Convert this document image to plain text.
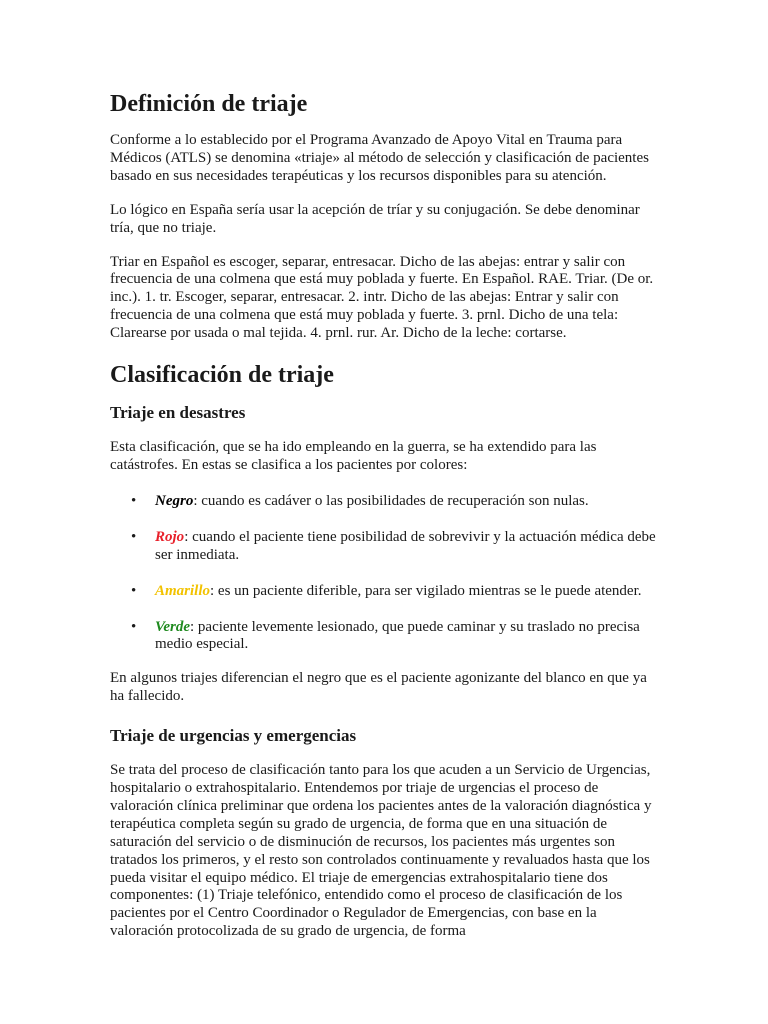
Definición de triaje

Conforme a lo establecido por el Programa Avanzado de Apoyo Vital en Trauma para Médicos (ATLS) se denomina «triaje» al método de selección y clasificación de pacientes basado en sus necesidades terapéuticas y los recursos disponibles para su atención.

Lo lógico en España sería usar la acepción de tríar y su conjugación. Se debe denominar tría, que no triaje.

Triar en Español es escoger, separar, entresacar. Dicho de las abejas: entrar y salir con frecuencia de una colmena que está muy poblada y fuerte. En Español. RAE. Triar. (De or. inc.). 1. tr. Escoger, separar, entresacar. 2. intr. Dicho de las abejas: Entrar y salir con frecuencia de una colmena que está muy poblada y fuerte. 3. prnl. Dicho de una tela: Clarearse por usada o mal tejida. 4. prnl. rur. Ar. Dicho de la leche: cortarse.

Clasificación de triaje
Triaje en desastres

Esta clasificación, que se ha ido empleando en la guerra, se ha extendido para las catástrofes. En estas se clasifica a los pacientes por colores:

• Negro: cuando es cadáver o las posibilidades de recuperación son nulas.
• Rojo: cuando el paciente tiene posibilidad de sobrevivir y la actuación médica debe ser inmediata.
• Amarillo: es un paciente diferible, para ser vigilado mientras se le puede atender.
• Verde: paciente levemente lesionado, que puede caminar y su traslado no precisa medio especial.

En algunos triajes diferencian el negro que es el paciente agonizante del blanco en que ya ha fallecido.

Triaje de urgencias y emergencias

Se trata del proceso de clasificación tanto para los que acuden a un Servicio de Urgencias, hospitalario o extrahospitalario. Entendemos por triaje de urgencias el proceso de valoración clínica preliminar que ordena los pacientes antes de la valoración diagnóstica y terapéutica completa según su grado de urgencia, de forma que en una situación de saturación del servicio o de disminución de recursos, los pacientes más urgentes son tratados los primeros, y el resto son controlados continuamente y revaluados hasta que los pueda visitar el equipo médico. El triaje de emergencias extrahospitalario tiene dos componentes: (1) Triaje telefónico, entendido como el proceso de clasificación de los pacientes por el Centro Coordinador o Regulador de Emergencias, con base en la valoración protocolizada de su grado de urgencia, de forma
